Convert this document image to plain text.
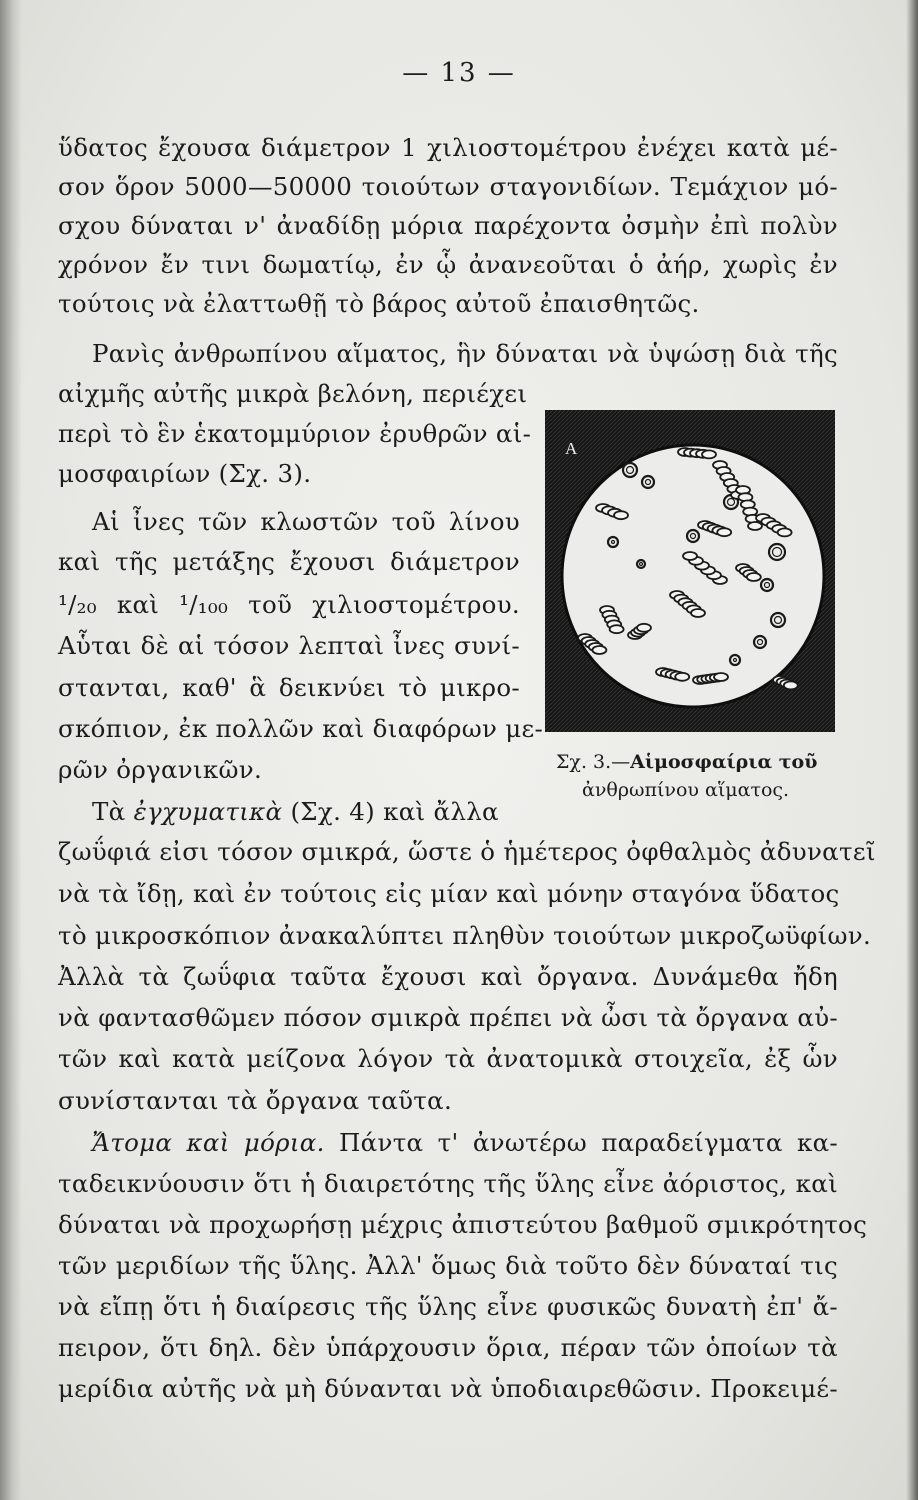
— 13 —
ὕδατος ἔχουσα διάμετρον 1 χιλιοστομέτρου ἐνέχει κατὰ μέ-
σον ὅρον 5000—50000 τοιούτων σταγονιδίων. Τεμάχιον μό-
σχου δύναται ν' ἀναδίδῃ μόρια παρέχοντα ὀσμὴν ἐπὶ πολὺν
χρόνον ἔν τινι δωματίῳ, ἐν ᾧ ἀνανεοῦται ὁ ἀήρ, χωρὶς ἐν
τούτοις νὰ ἐλαττωθῇ τὸ βάρος αὐτοῦ ἐπαισθητῶς.
Ρανὶς ἀνθρωπίνου αἵματος, ἣν δύναται νὰ ὑψώσῃ διὰ τῆς
αἰχμῆς αὐτῆς μικρὰ βελόνη, περιέχει
περὶ τὸ ἓν ἑκατομμύριον ἐρυθρῶν αἱ-
μοσφαιρίων (Σχ. 3).
Αἱ ἶνες τῶν κλωστῶν τοῦ λίνου
καὶ τῆς μετάξης ἔχουσι διάμετρον
¹/₂₀ καὶ ¹/₁₀₀ τοῦ χιλιοστομέτρου.
Αὗται δὲ αἱ τόσον λεπταὶ ἶνες συνί-
στανται, καθ' ἃ δεικνύει τὸ μικρο-
σκόπιον, ἐκ πολλῶν καὶ διαφόρων με-
ρῶν ὀργανικῶν.
A
Σχ. 3.—Αἱμοσφαίρια τοῦ
ἀνθρωπίνου αἵματος.
Τὰ ἐγχυματικὰ (Σχ. 4) καὶ ἄλλα
ζωΰφιά εἰσι τόσον σμικρά, ὥστε ὁ ἡμέτερος ὀφθαλμὸς ἀδυνατεῖ
νὰ τὰ ἴδῃ, καὶ ἐν τούτοις εἰς μίαν καὶ μόνην σταγόνα ὕδατος
τὸ μικροσκόπιον ἀνακαλύπτει πληθὺν τοιούτων μικροζωϋφίων.
Ἀλλὰ τὰ ζωΰφια ταῦτα ἔχουσι καὶ ὄργανα. Δυνάμεθα ἤδη
νὰ φαντασθῶμεν πόσον σμικρὰ πρέπει νὰ ὦσι τὰ ὄργανα αὐ-
τῶν καὶ κατὰ μείζονα λόγον τὰ ἀνατομικὰ στοιχεῖα, ἐξ ὧν
συνίστανται τὰ ὄργανα ταῦτα.
Ἄτομα καὶ μόρια. Πάντα τ' ἀνωτέρω παραδείγματα κα-
ταδεικνύουσιν ὅτι ἡ διαιρετότης τῆς ὕλης εἶνε ἀόριστος, καὶ
δύναται νὰ προχωρήσῃ μέχρις ἀπιστεύτου βαθμοῦ σμικρότητος
τῶν μεριδίων τῆς ὕλης. Ἀλλ' ὅμως διὰ τοῦτο δὲν δύναταί τις
νὰ εἴπῃ ὅτι ἡ διαίρεσις τῆς ὕλης εἶνε φυσικῶς δυνατὴ ἐπ' ἄ-
πειρον, ὅτι δηλ. δὲν ὑπάρχουσιν ὅρια, πέραν τῶν ὁποίων τὰ
μερίδια αὐτῆς νὰ μὴ δύνανται νὰ ὑποδιαιρεθῶσιν. Προκειμέ-
